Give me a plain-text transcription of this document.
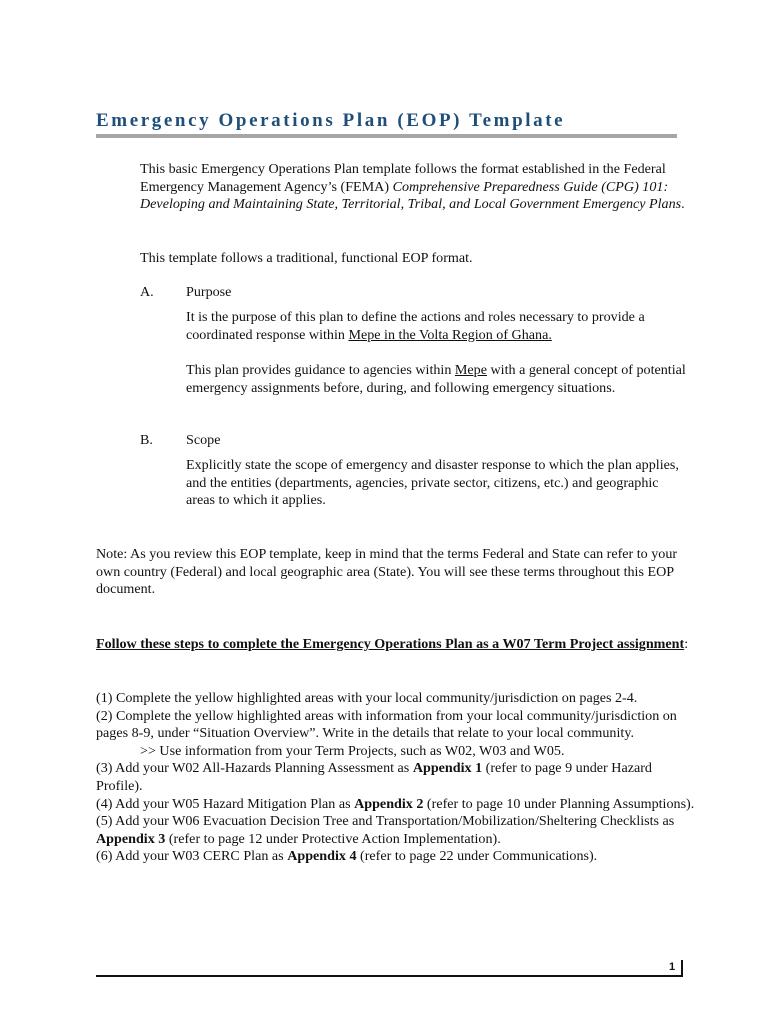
Emergency Operations Plan (EOP) Template

This basic Emergency Operations Plan template follows the format established in the Federal Emergency Management Agency’s (FEMA) Comprehensive Preparedness Guide (CPG) 101: Developing and Maintaining State, Territorial, Tribal, and Local Government Emergency Plans.

This template follows a traditional, functional EOP format.

A. Purpose

It is the purpose of this plan to define the actions and roles necessary to provide a coordinated response within Mepe in the Volta Region of Ghana.

This plan provides guidance to agencies within Mepe with a general concept of potential emergency assignments before, during, and following emergency situations.

B. Scope

Explicitly state the scope of emergency and disaster response to which the plan applies, and the entities (departments, agencies, private sector, citizens, etc.) and geographic areas to which it applies.

Note: As you review this EOP template, keep in mind that the terms Federal and State can refer to your own country (Federal) and local geographic area (State). You will see these terms throughout this EOP document.

Follow these steps to complete the Emergency Operations Plan as a W07 Term Project assignment:

(1) Complete the yellow highlighted areas with your local community/jurisdiction on pages 2-4.
(2) Complete the yellow highlighted areas with information from your local community/jurisdiction on pages 8-9, under “Situation Overview”. Write in the details that relate to your local community.
>> Use information from your Term Projects, such as W02, W03 and W05.
(3) Add your W02 All-Hazards Planning Assessment as Appendix 1 (refer to page 9 under Hazard Profile).
(4) Add your W05 Hazard Mitigation Plan as Appendix 2 (refer to page 10 under Planning Assumptions).
(5) Add your W06 Evacuation Decision Tree and Transportation/Mobilization/Sheltering Checklists as Appendix 3 (refer to page 12 under Protective Action Implementation).
(6) Add your W03 CERC Plan as Appendix 4 (refer to page 22 under Communications).
1
